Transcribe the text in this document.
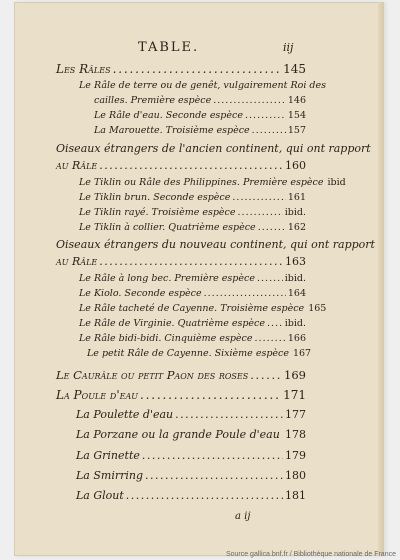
TABLE.	iij
Les Râles . . .	145
Le Râle de terre ou de genêt, vulgairement Roi des
cailles. Première espèce . . .	146
Le Râle d'eau. Seconde espèce . . .	154
La Marouette. Troisième espèce . . .	157
Oiseaux étrangers de l'ancien continent, qui ont rapport
au Râle . . .	160
Le Tiklin ou Râle des Philippines. Première espèce ibid
Le Tiklin brun. Seconde espèce . . .	161
Le Tiklin rayé. Troisième espèce . . .	ibid.
Le Tiklin à collier. Quatrième espèce . . .	162
Oiseaux étrangers du nouveau continent, qui ont rapport
au Râle . . .	163
Le Râle à long bec. Première espèce . . .	ibid.
Le Kiolo. Seconde espèce . . .	164
Le Râle tacheté de Cayenne. Troisième espèce 165
Le Râle de Virginie. Quatrième espèce . . . ibid.
Le Râle bidi-bidi. Cinquième espèce . . .	166
Le petit Râle de Cayenne. Sixième espèce 167
Le Caurâle ou petit Paon des roses . . .	169
La Poule d'eau . . .	171
La Poulette d'eau . . .	177
La Porzane ou la grande Poule d'eau . . . 178
La Grinette . . .	179
La Smirring . . .	180
La Glout . . .	181
a ij
Source gallica.bnf.fr / Bibliothèque nationale de France
